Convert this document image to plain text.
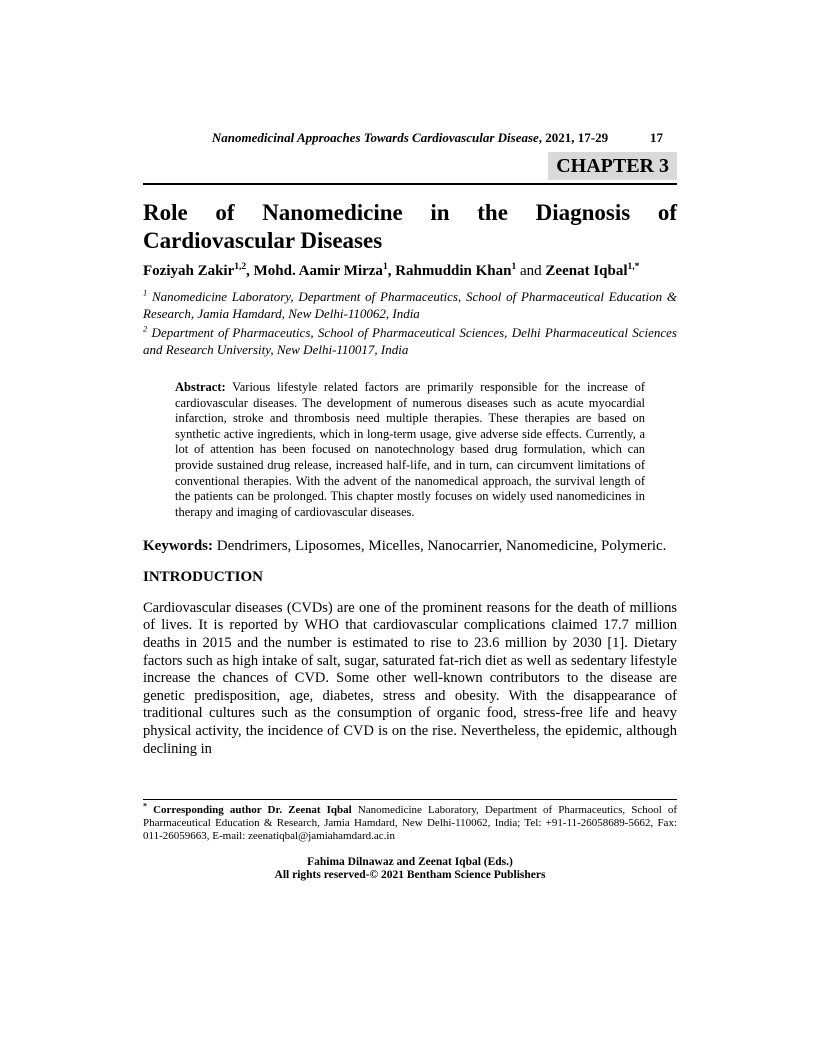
Nanomedicinal Approaches Towards Cardiovascular Disease, 2021, 17-29	17
CHAPTER 3
Role of Nanomedicine in the Diagnosis of
Cardiovascular Diseases

Foziyah Zakir$^{1,2}$, Mohd. Aamir Mirza$^1$, Rahmuddin Khan$^1$ and Zeenat Iqbal$^{1,*}$

$^1$ Nanomedicine Laboratory, Department of Pharmaceutics, School of Pharmaceutical Education & Research, Jamia Hamdard, New Delhi-110062, India

$^2$ Department of Pharmaceutics, School of Pharmaceutical Sciences, Delhi Pharmaceutical Sciences and Research University, New Delhi-110017, India

Abstract: Various lifestyle related factors are primarily responsible for the increase of cardiovascular diseases. The development of numerous diseases such as acute myocardial infarction, stroke and thrombosis need multiple therapies. These therapies are based on synthetic active ingredients, which in long-term usage, give adverse side effects. Currently, a lot of attention has been focused on nanotechnology based drug formulation, which can provide sustained drug release, increased half-life, and in turn, can circumvent limitations of conventional therapies. With the advent of the nanomedical approach, the survival length of the patients can be prolonged. This chapter mostly focuses on widely used nanomedicines in therapy and imaging of cardiovascular diseases.

Keywords: Dendrimers, Liposomes, Micelles, Nanocarrier, Nanomedicine, Polymeric.

INTRODUCTION

Cardiovascular diseases (CVDs) are one of the prominent reasons for the death of millions of lives. It is reported by WHO that cardiovascular complications claimed 17.7 million deaths in 2015 and the number is estimated to rise to 23.6 million by 2030 [1]. Dietary factors such as high intake of salt, sugar, saturated fat-rich diet as well as sedentary lifestyle increase the chances of CVD. Some other well-known contributors to the disease are genetic predisposition, age, diabetes, stress and obesity. With the disappearance of traditional cultures such as the consumption of organic food, stress-free life and heavy physical activity, the incidence of CVD is on the rise. Nevertheless, the epidemic, although declining in

* Corresponding author Dr. Zeenat Iqbal Nanomedicine Laboratory, Department of Pharmaceutics, School of Pharmaceutical Education & Research, Jamia Hamdard, New Delhi-110062, India; Tel: +91-11-26058689-5662, Fax: 011-26059663, E-mail: zeenatiqbal@jamiahamdard.ac.in

Fahima Dilnawaz and Zeenat Iqbal (Eds.)
All rights reserved-© 2021 Bentham Science Publishers
